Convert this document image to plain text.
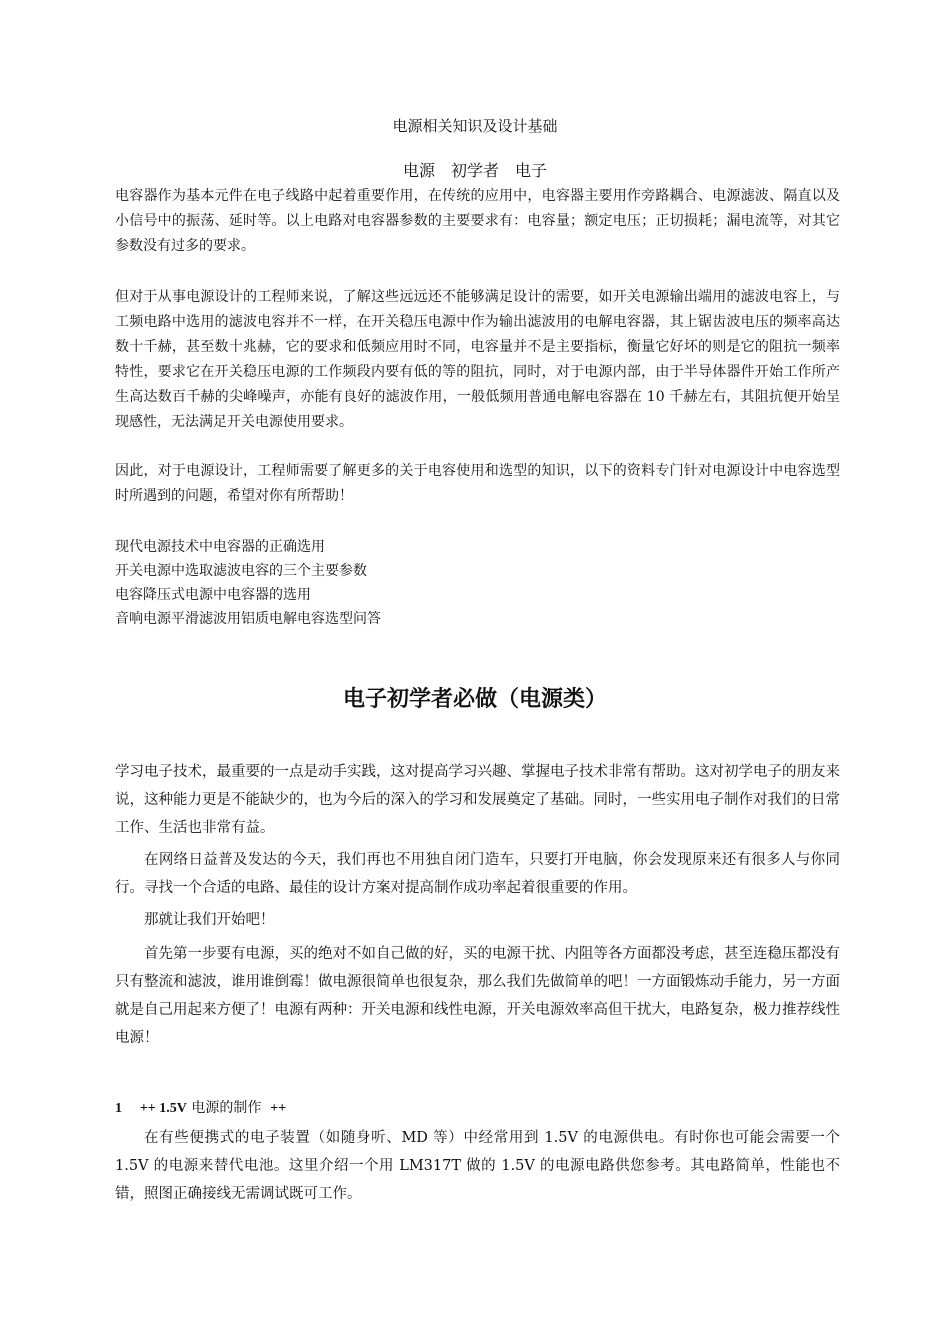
电源相关知识及设计基础
电源　初学者　电子
电容器作为基本元件在电子线路中起着重要作用，在传统的应用中，电容器主要用作旁路耦合、电源滤波、隔直以及小信号中的振荡、延时等。以上电路对电容器参数的主要要求有：电容量；额定电压；正切损耗；漏电流等，对其它参数没有过多的要求。
但对于从事电源设计的工程师来说，了解这些远远还不能够满足设计的需要，如开关电源输出端用的滤波电容上，与工频电路中选用的滤波电容并不一样，在开关稳压电源中作为输出滤波用的电解电容器，其上锯齿波电压的频率高达数十千赫，甚至数十兆赫，它的要求和低频应用时不同，电容量并不是主要指标，衡量它好坏的则是它的阻抗一频率特性，要求它在开关稳压电源的工作频段内要有低的等的阻抗，同时，对于电源内部，由于半导体器件开始工作所产生高达数百千赫的尖峰噪声，亦能有良好的滤波作用，一般低频用普通电解电容器在 10 千赫左右，其阻抗便开始呈现感性，无法满足开关电源使用要求。
因此，对于电源设计，工程师需要了解更多的关于电容使用和选型的知识，以下的资料专门针对电源设计中电容选型时所遇到的问题，希望对你有所帮助！
现代电源技术中电容器的正确选用
开关电源中选取滤波电容的三个主要参数
电容降压式电源中电容器的选用
音响电源平滑滤波用铝质电解电容选型问答
电子初学者必做（电源类）
学习电子技术，最重要的一点是动手实践，这对提高学习兴趣、掌握电子技术非常有帮助。这对初学电子的朋友来说，这种能力更是不能缺少的，也为今后的深入的学习和发展奠定了基础。同时，一些实用电子制作对我们的日常工作、生活也非常有益。
在网络日益普及发达的今天，我们再也不用独自闭门造车，只要打开电脑，你会发现原来还有很多人与你同行。寻找一个合适的电路、最佳的设计方案对提高制作成功率起着很重要的作用。
那就让我们开始吧！
首先第一步要有电源，买的绝对不如自己做的好，买的电源干扰、内阻等各方面都没考虑，甚至连稳压都没有只有整流和滤波，谁用谁倒霉！做电源很简单也很复杂，那么我们先做简单的吧！一方面锻炼动手能力，另一方面就是自己用起来方便了！电源有两种：开关电源和线性电源，开关电源效率高但干扰大，电路复杂，极力推荐线性电源！
1 ++ 1.5V 电源的制作 ++
在有些便携式的电子装置（如随身听、MD 等）中经常用到 1.5V 的电源供电。有时你也可能会需要一个 1.5V 的电源来替代电池。这里介绍一个用 LM317T 做的 1.5V 的电源电路供您参考。其电路简单，性能也不错，照图正确接线无需调试既可工作。
